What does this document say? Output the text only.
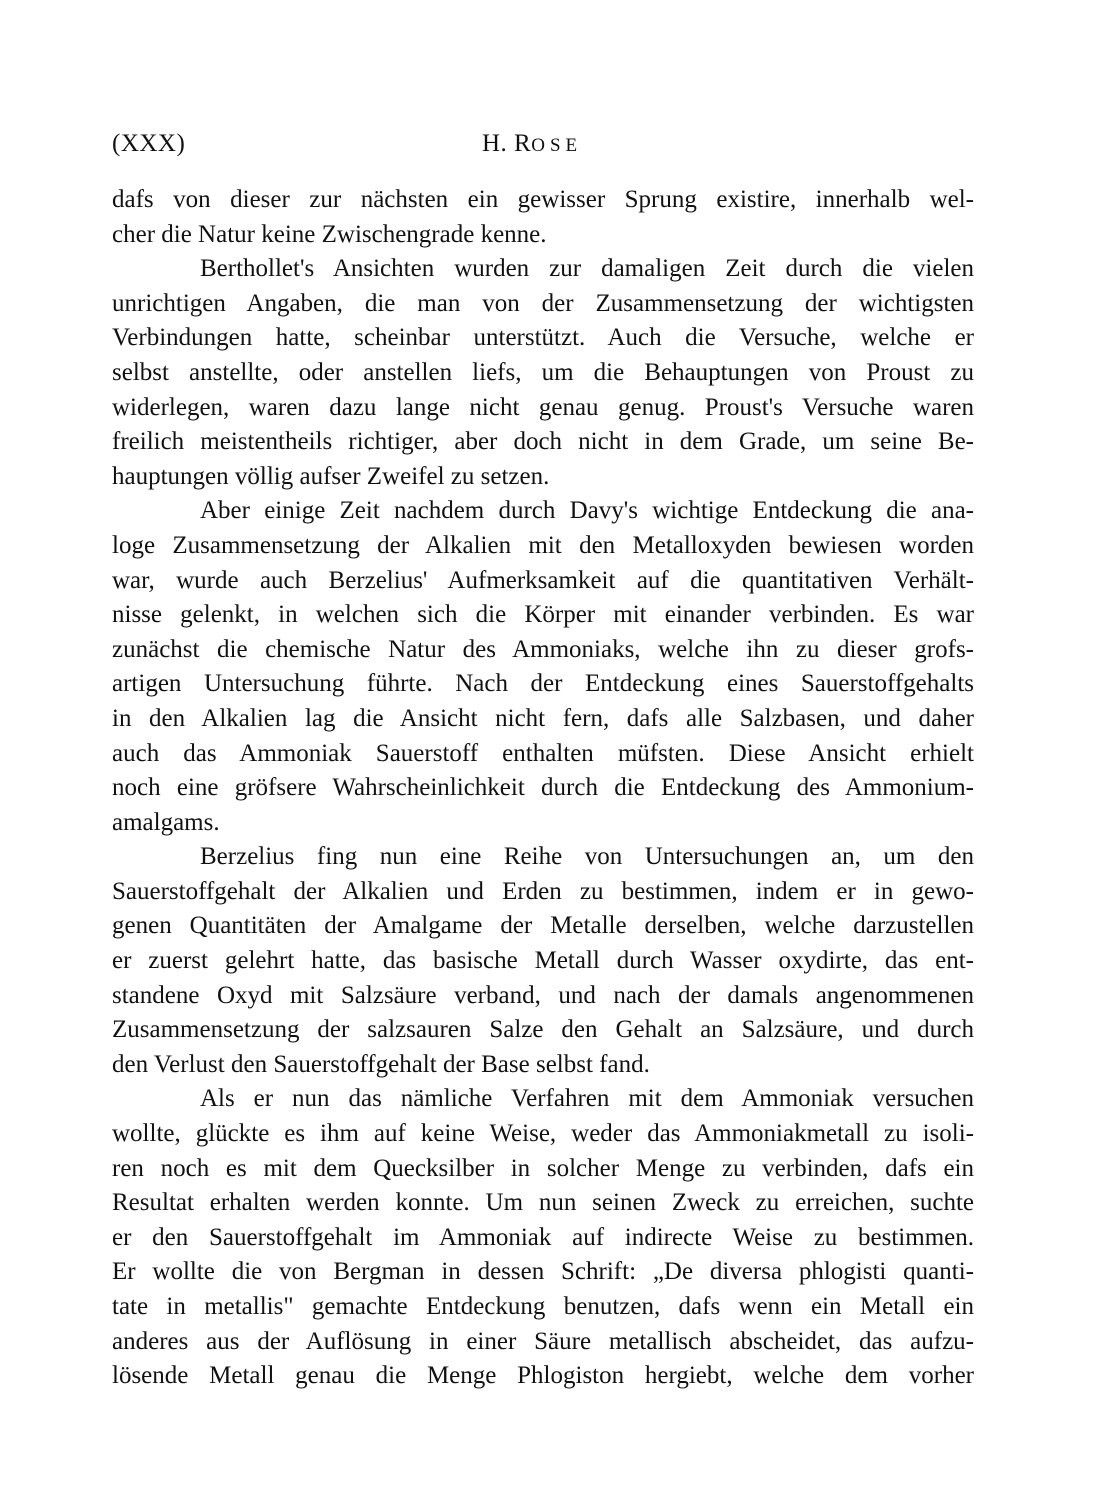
(XXX)	H. ROSE
dafs von dieser zur nächsten ein gewisser Sprung existire, innerhalb wel-
cher die Natur keine Zwischengrade kenne.
Berthollet's Ansichten wurden zur damaligen Zeit durch die vielen
unrichtigen Angaben, die man von der Zusammensetzung der wichtigsten
Verbindungen hatte, scheinbar unterstützt. Auch die Versuche, welche er
selbst anstellte, oder anstellen liefs, um die Behauptungen von Proust zu
widerlegen, waren dazu lange nicht genau genug. Proust's Versuche waren
freilich meistentheils richtiger, aber doch nicht in dem Grade, um seine Be-
hauptungen völlig aufser Zweifel zu setzen.
Aber einige Zeit nachdem durch Davy's wichtige Entdeckung die ana-
loge Zusammensetzung der Alkalien mit den Metalloxyden bewiesen worden
war, wurde auch Berzelius' Aufmerksamkeit auf die quantitativen Verhält-
nisse gelenkt, in welchen sich die Körper mit einander verbinden. Es war
zunächst die chemische Natur des Ammoniaks, welche ihn zu dieser grofs-
artigen Untersuchung führte. Nach der Entdeckung eines Sauerstoffgehalts
in den Alkalien lag die Ansicht nicht fern, dafs alle Salzbasen, und daher
auch das Ammoniak Sauerstoff enthalten müfsten. Diese Ansicht erhielt
noch eine gröfsere Wahrscheinlichkeit durch die Entdeckung des Ammonium-
amalgams.
Berzelius fing nun eine Reihe von Untersuchungen an, um den
Sauerstoffgehalt der Alkalien und Erden zu bestimmen, indem er in gewo-
genen Quantitäten der Amalgame der Metalle derselben, welche darzustellen
er zuerst gelehrt hatte, das basische Metall durch Wasser oxydirte, das ent-
standene Oxyd mit Salzsäure verband, und nach der damals angenommenen
Zusammensetzung der salzsauren Salze den Gehalt an Salzsäure, und durch
den Verlust den Sauerstoffgehalt der Base selbst fand.
Als er nun das nämliche Verfahren mit dem Ammoniak versuchen
wollte, glückte es ihm auf keine Weise, weder das Ammoniakmetall zu isoli-
ren noch es mit dem Quecksilber in solcher Menge zu verbinden, dafs ein
Resultat erhalten werden konnte. Um nun seinen Zweck zu erreichen, suchte
er den Sauerstoffgehalt im Ammoniak auf indirecte Weise zu bestimmen.
Er wollte die von Bergman in dessen Schrift: „De diversa phlogisti quanti-
tate in metallis" gemachte Entdeckung benutzen, dafs wenn ein Metall ein
anderes aus der Auflösung in einer Säure metallisch abscheidet, das aufzu-
lösende Metall genau die Menge Phlogiston hergiebt, welche dem vorher
